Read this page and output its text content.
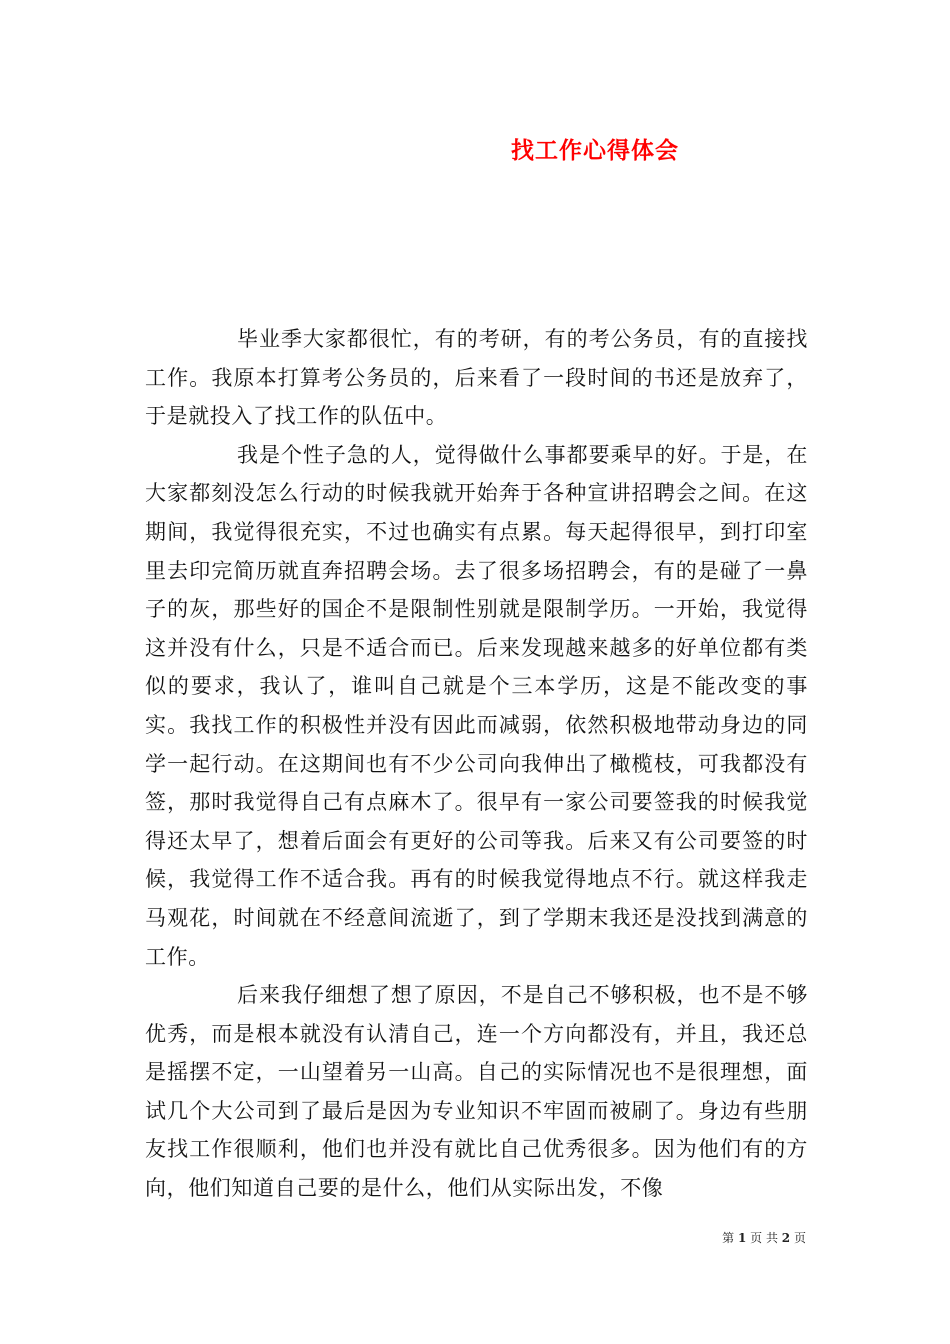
找工作心得体会

毕业季大家都很忙，有的考研，有的考公务员，有的直接找工作。我原本打算考公务员的，后来看了一段时间的书还是放弃了，于是就投入了找工作的队伍中。

我是个性子急的人，觉得做什么事都要乘早的好。于是，在大家都刻没怎么行动的时候我就开始奔于各种宣讲招聘会之间。在这期间，我觉得很充实，不过也确实有点累。每天起得很早，到打印室里去印完简历就直奔招聘会场。去了很多场招聘会，有的是碰了一鼻子的灰，那些好的国企不是限制性别就是限制学历。一开始，我觉得这并没有什么，只是不适合而已。后来发现越来越多的好单位都有类似的要求，我认了，谁叫自己就是个三本学历，这是不能改变的事实。我找工作的积极性并没有因此而减弱，依然积极地带动身边的同学一起行动。在这期间也有不少公司向我伸出了橄榄枝，可我都没有签，那时我觉得自己有点麻木了。很早有一家公司要签我的时候我觉得还太早了，想着后面会有更好的公司等我。后来又有公司要签的时候，我觉得工作不适合我。再有的时候我觉得地点不行。就这样我走马观花，时间就在不经意间流逝了，到了学期末我还是没找到满意的工作。

后来我仔细想了想了原因，不是自己不够积极，也不是不够优秀，而是根本就没有认清自己，连一个方向都没有，并且，我还总是摇摆不定，一山望着另一山高。自己的实际情况也不是很理想，面试几个大公司到了最后是因为专业知识不牢固而被刷了。身边有些朋友找工作很顺利，他们也并没有就比自己优秀很多。因为他们有的方向，他们知道自己要的是什么，他们从实际出发，不像

第 1 页 共 2 页
